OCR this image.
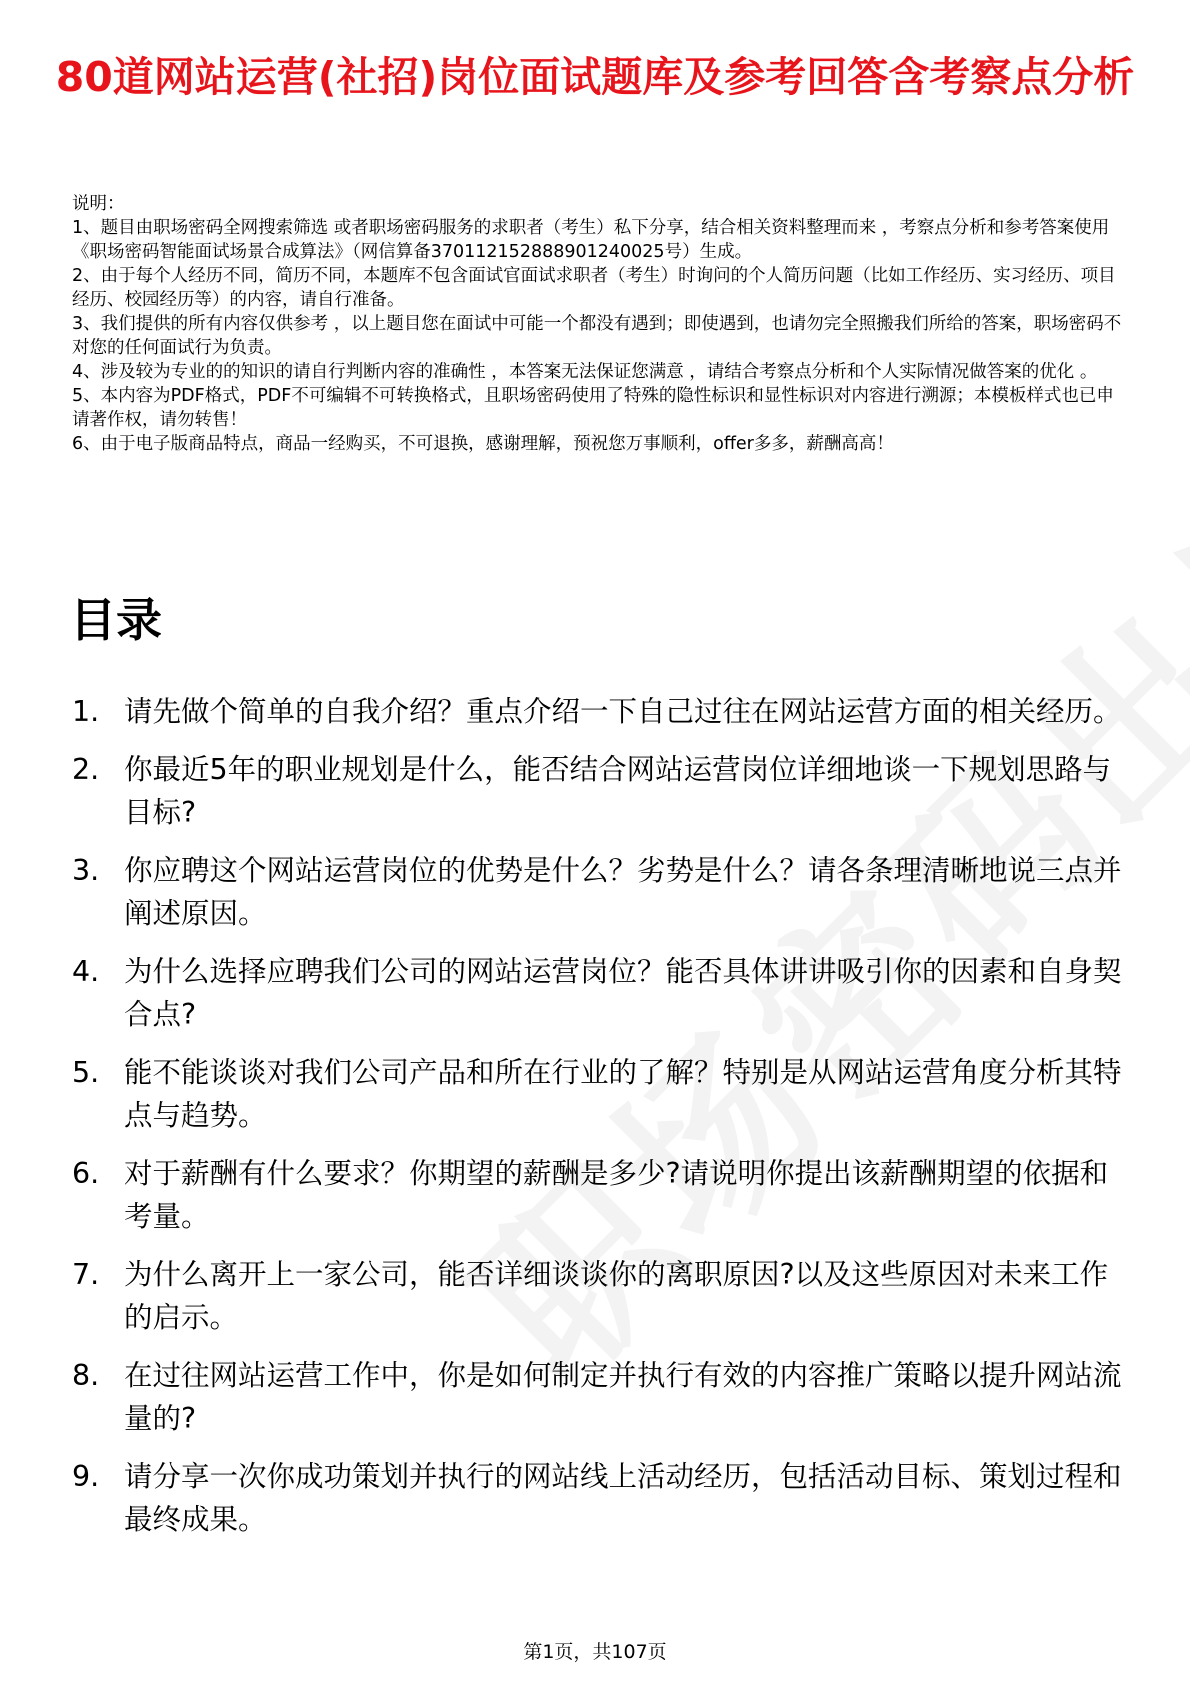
80道网站运营(社招)岗位面试题库及参考回答含考察点分析

说明：

1、题目由职场密码全网搜索筛选 或者职场密码服务的求职者（考生）私下分享，结合相关资料整理而来 ，考察点分析和参考答案使用《职场密码智能面试场景合成算法》（网信算备370112152888901240025号）生成。

2、由于每个人经历不同，简历不同，本题库不包含面试官面试求职者（考生）时询问的个人简历问题（比如工作经历、实习经历、项目经历、校园经历等）的内容，请自行准备。

3、我们提供的所有内容仅供参考 ，以上题目您在面试中可能一个都没有遇到；即使遇到，也请勿完全照搬我们所给的答案，职场密码不对您的任何面试行为负责。

4、涉及较为专业的的知识的请自行判断内容的准确性 ，本答案无法保证您满意 ，请结合考察点分析和个人实际情况做答案的优化 。

5、本内容为PDF格式，PDF不可编辑不可转换格式，且职场密码使用了特殊的隐性标识和显性标识对内容进行溯源；本模板样式也已申请著作权，请勿转售！

6、由于电子版商品特点，商品一经购买，不可退换，感谢理解，预祝您万事顺利，offer多多，薪酬高高！

目录
1. 请先做个简单的自我介绍？重点介绍一下自己过往在网站运营方面的相关经历。
2. 你最近5年的职业规划是什么，能否结合网站运营岗位详细地谈一下规划思路与目标?
3. 你应聘这个网站运营岗位的优势是什么？劣势是什么？请各条理清晰地说三点并阐述原因。
4. 为什么选择应聘我们公司的网站运营岗位？能否具体讲讲吸引你的因素和自身契合点?
5. 能不能谈谈对我们公司产品和所在行业的了解？特别是从网站运营角度分析其特点与趋势。
6. 对于薪酬有什么要求？你期望的薪酬是多少?请说明你提出该薪酬期望的依据和考量。
7. 为什么离开上一家公司，能否详细谈谈你的离职原因?以及这些原因对未来工作的启示。
8. 在过往网站运营工作中，你是如何制定并执行有效的内容推广策略以提升网站流量的?
9. 请分享一次你成功策划并执行的网站线上活动经历，包括活动目标、策划过程和最终成果。
第1页，共107页
